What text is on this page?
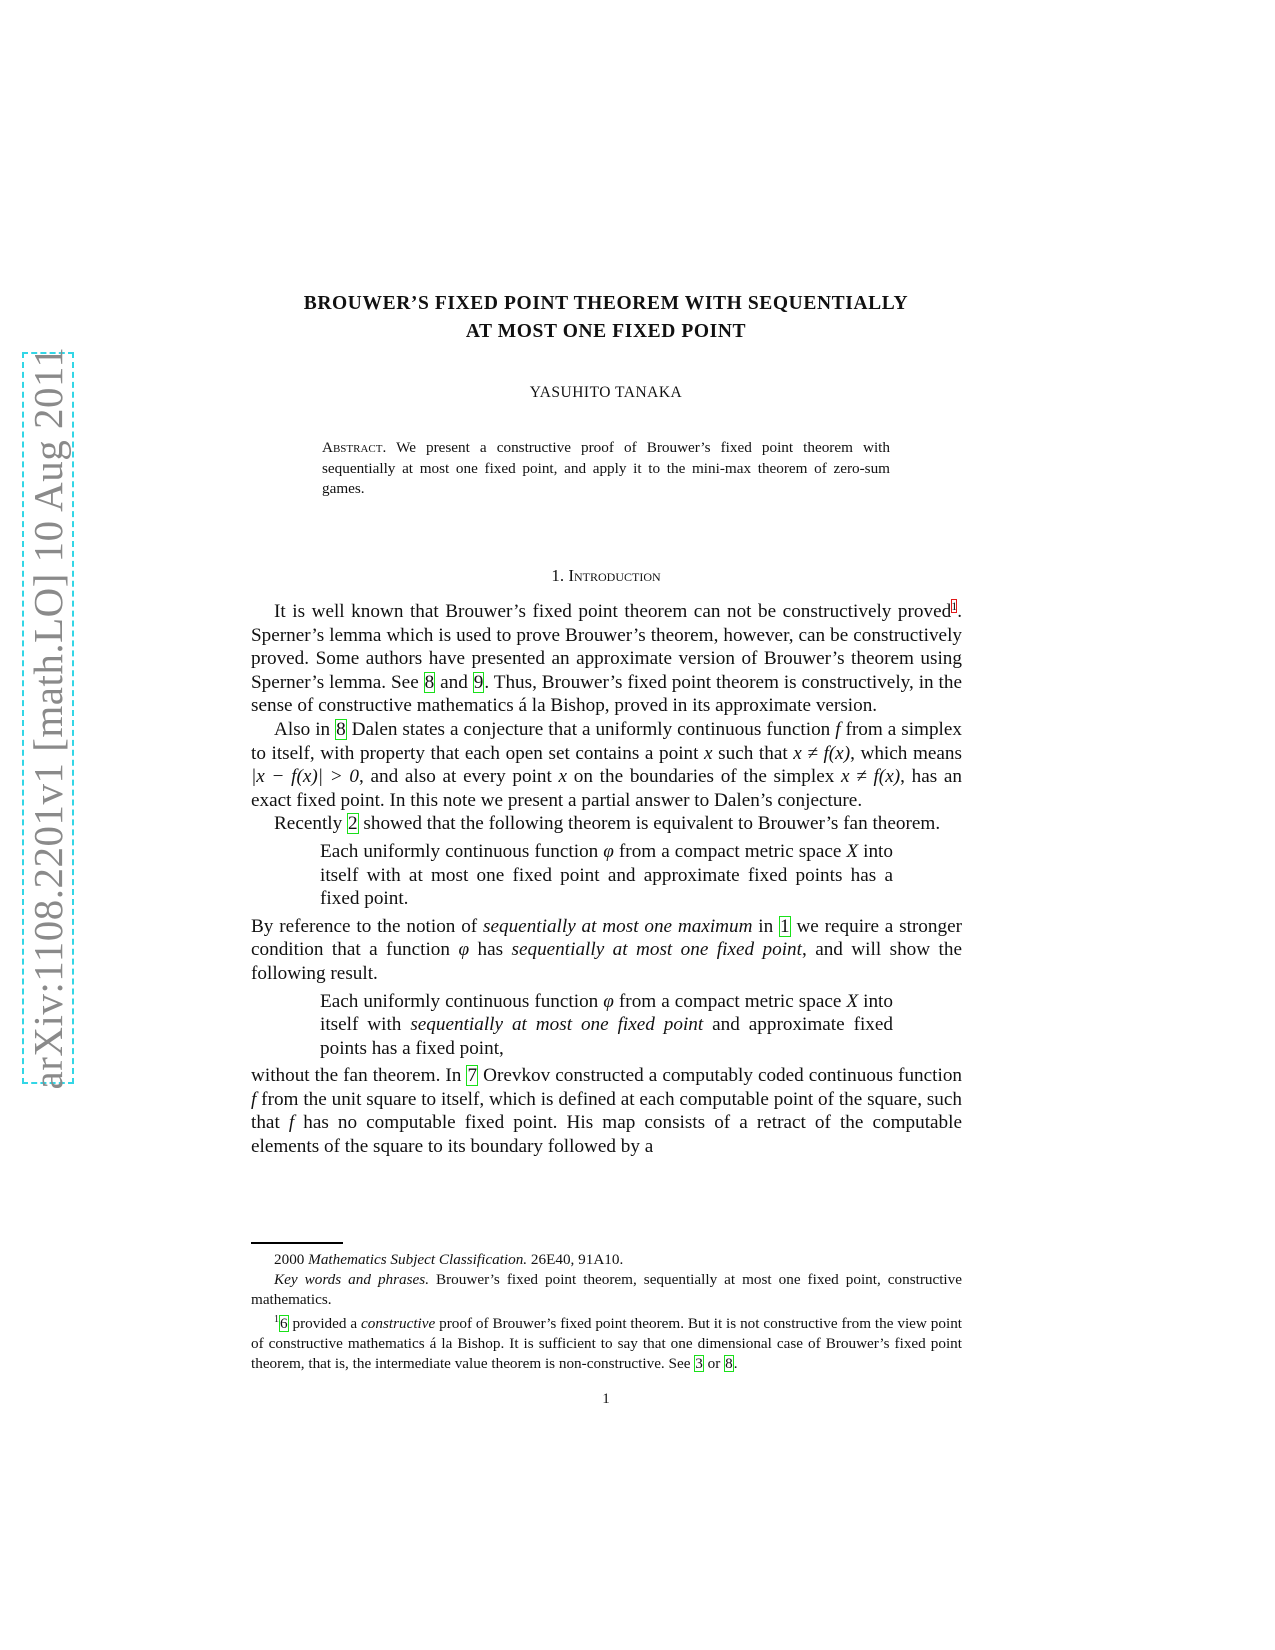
arXiv:1108.2201v1 [math.LO] 10 Aug 2011
BROUWER’S FIXED POINT THEOREM WITH SEQUENTIALLY
AT MOST ONE FIXED POINT
YASUHITO TANAKA
Abstract. We present a constructive proof of Brouwer’s fixed point theorem with sequentially at most one fixed point, and apply it to the mini-max theorem of zero-sum games.
1. Introduction

It is well known that Brouwer’s fixed point theorem can not be constructively proved$^1$. Sperner’s lemma which is used to prove Brouwer’s theorem, however, can be constructively proved. Some authors have presented an approximate version of Brouwer’s theorem using Sperner’s lemma. See 8 and 9. Thus, Brouwer’s fixed point theorem is constructively, in the sense of constructive mathematics á la Bishop, proved in its approximate version.

Also in 8 Dalen states a conjecture that a uniformly continuous function f from a simplex to itself, with property that each open set contains a point x such that x ≠ f(x), which means |x − f(x)| > 0, and also at every point x on the boundaries of the simplex x ≠ f(x), has an exact fixed point. In this note we present a partial answer to Dalen’s conjecture.

Recently 2 showed that the following theorem is equivalent to Brouwer’s fan theorem.

Each uniformly continuous function φ from a compact metric space X into itself with at most one fixed point and approximate fixed points has a fixed point.

By reference to the notion of sequentially at most one maximum in 1 we require a stronger condition that a function φ has sequentially at most one fixed point, and will show the following result.

Each uniformly continuous function φ from a compact metric space X into itself with sequentially at most one fixed point and approximate fixed points has a fixed point,

without the fan theorem. In 7 Orevkov constructed a computably coded continuous function f from the unit square to itself, which is defined at each computable point of the square, such that f has no computable fixed point. His map consists of a retract of the computable elements of the square to its boundary followed by a

2000 Mathematics Subject Classification. 26E40, 91A10.

Key words and phrases. Brouwer’s fixed point theorem, sequentially at most one fixed point, constructive mathematics.

$^1$6 provided a constructive proof of Brouwer’s fixed point theorem. But it is not constructive from the view point of constructive mathematics á la Bishop. It is sufficient to say that one dimensional case of Brouwer’s fixed point theorem, that is, the intermediate value theorem is non-constructive. See 3 or 8.

1
